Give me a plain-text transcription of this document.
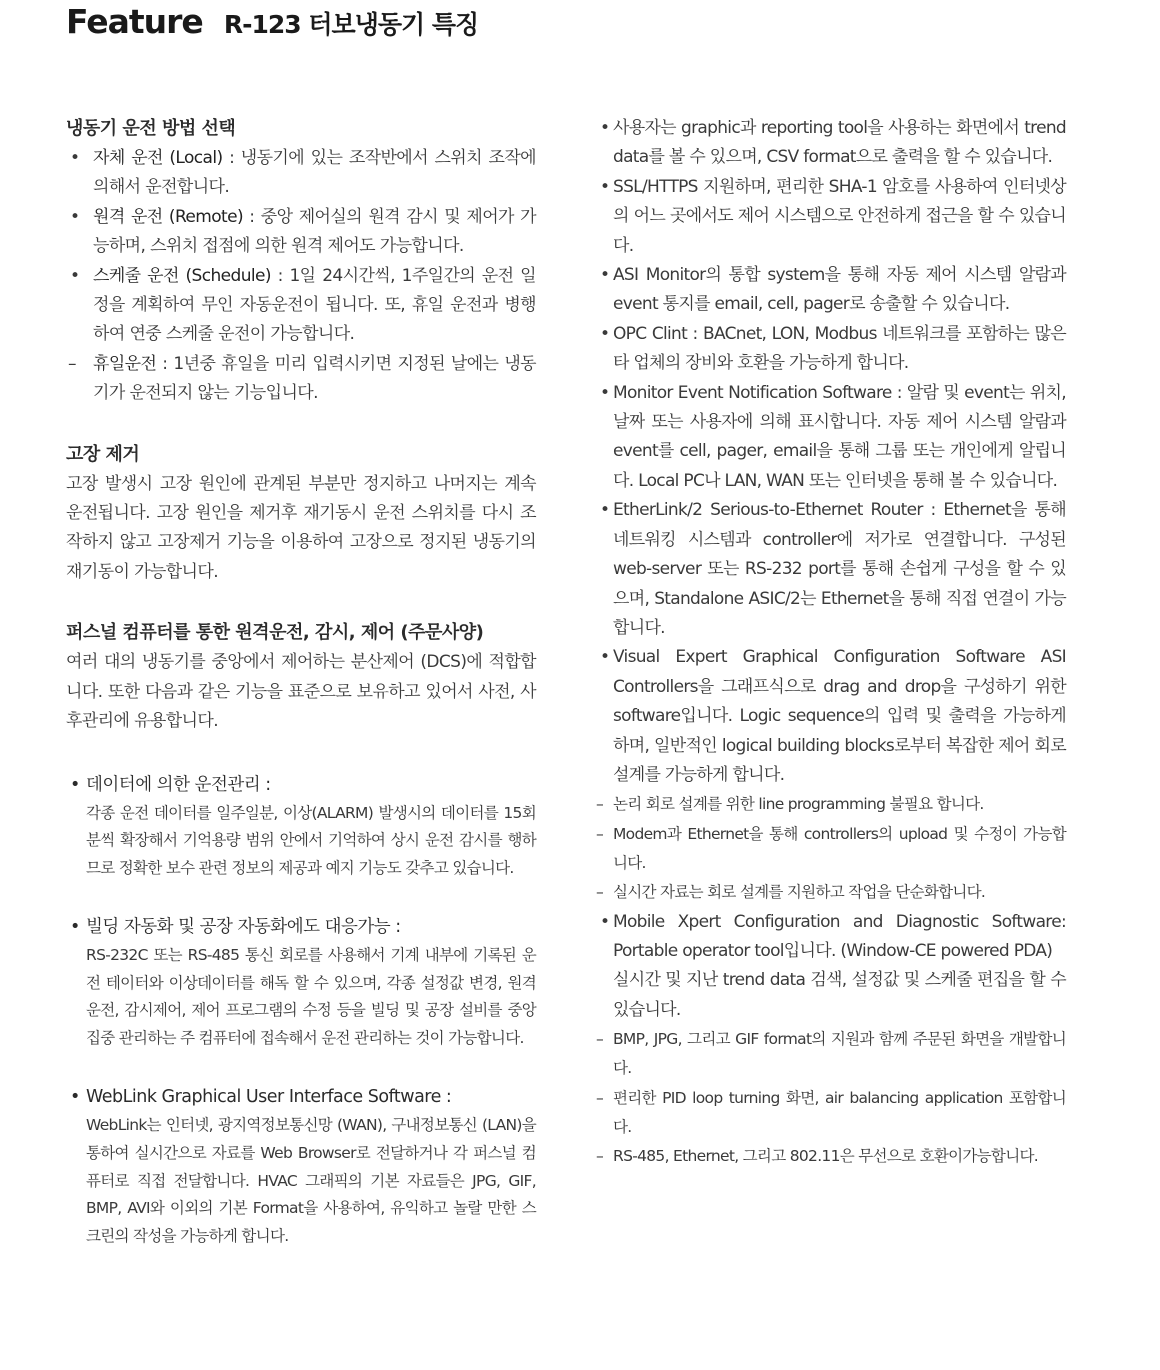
Feature R-123 터보냉동기 특징
냉동기 운전 방법 선택
• 자체 운전 (Local) : 냉동기에 있는 조작반에서 스위치 조작에 의해서 운전합니다.
• 원격 운전 (Remote) : 중앙 제어실의 원격 감시 및 제어가 가능하며, 스위치 접점에 의한 원격 제어도 가능합니다.
• 스케줄 운전 (Schedule) : 1일 24시간씩, 1주일간의 운전 일정을 계획하여 무인 자동운전이 됩니다. 또, 휴일 운전과 병행하여 연중 스케줄 운전이 가능합니다.
– 휴일운전 : 1년중 휴일을 미리 입력시키면 지정된 날에는 냉동기가 운전되지 않는 기능입니다.
고장 제거
고장 발생시 고장 원인에 관계된 부분만 정지하고 나머지는 계속 운전됩니다. 고장 원인을 제거후 재기동시 운전 스위치를 다시 조작하지 않고 고장제거 기능을 이용하여 고장으로 정지된 냉동기의 재기동이 가능합니다.
퍼스널 컴퓨터를 통한 원격운전, 감시, 제어 (주문사양)
여러 대의 냉동기를 중앙에서 제어하는 분산제어 (DCS)에 적합합니다. 또한 다음과 같은 기능을 표준으로 보유하고 있어서 사전, 사후관리에 유용합니다.
• 데이터에 의한 운전관리 :
각종 운전 데이터를 일주일분, 이상(ALARM) 발생시의 데이터를 15회분씩 확장해서 기억용량 범위 안에서 기억하여 상시 운전 감시를 행하므로 정확한 보수 관련 정보의 제공과 예지 기능도 갖추고 있습니다.
• 빌딩 자동화 및 공장 자동화에도 대응가능 :
RS-232C 또는 RS-485 통신 회로를 사용해서 기계 내부에 기록된 운전 테이터와 이상데이터를 해독 할 수 있으며, 각종 설정값 변경, 원격 운전, 감시제어, 제어 프로그램의 수정 등을 빌딩 및 공장 설비를 중앙 집중 관리하는 주 컴퓨터에 접속해서 운전 관리하는 것이 가능합니다.
• WebLink Graphical User Interface Software :
WebLink는 인터넷, 광지역정보통신망 (WAN), 구내정보통신 (LAN)을 통하여 실시간으로 자료를 Web Browser로 전달하거나 각 퍼스널 컴퓨터로 직접 전달합니다. HVAC 그래픽의 기본 자료들은 JPG, GIF, BMP, AVI와 이외의 기본 Format을 사용하여, 유익하고 놀랄 만한 스크린의 작성을 가능하게 합니다.
• 사용자는 graphic과 reporting tool을 사용하는 화면에서 trend data를 볼 수 있으며, CSV format으로 출력을 할 수 있습니다.
• SSL/HTTPS 지원하며, 편리한 SHA-1 암호를 사용하여 인터넷상의 어느 곳에서도 제어 시스템으로 안전하게 접근을 할 수 있습니다.
• ASI Monitor의 통합 system을 통해 자동 제어 시스템 알람과 event 통지를 email, cell, pager로 송출할 수 있습니다.
• OPC Clint : BACnet, LON, Modbus 네트워크를 포함하는 많은 타 업체의 장비와 호환을 가능하게 합니다.
• Monitor Event Notification Software : 알람 및 event는 위치, 날짜 또는 사용자에 의해 표시합니다. 자동 제어 시스템 알람과 event를 cell, pager, email을 통해 그룹 또는 개인에게 알립니다. Local PC나 LAN, WAN 또는 인터넷을 통해 볼 수 있습니다.
• EtherLink/2 Serious-to-Ethernet Router : Ethernet을 통해 네트워킹 시스템과 controller에 저가로 연결합니다. 구성된 web-server 또는 RS-232 port를 통해 손쉽게 구성을 할 수 있으며, Standalone ASIC/2는 Ethernet을 통해 직접 연결이 가능합니다.
• Visual Expert Graphical Configuration Software ASI Controllers을 그래프식으로 drag and drop을 구성하기 위한 software입니다. Logic sequence의 입력 및 출력을 가능하게 하며, 일반적인 logical building blocks로부터 복잡한 제어 회로 설계를 가능하게 합니다.
– 논리 회로 설계를 위한 line programming 불필요 합니다.
– Modem과 Ethernet을 통해 controllers의 upload 및 수정이 가능합니다.
– 실시간 자료는 회로 설계를 지원하고 작업을 단순화합니다.
• Mobile Xpert Configuration and Diagnostic Software: Portable operator tool입니다. (Window-CE powered PDA)
실시간 및 지난 trend data 검색, 설정값 및 스케줄 편집을 할 수 있습니다.
– BMP, JPG, 그리고 GIF format의 지원과 함께 주문된 화면을 개발합니다.
– 편리한 PID loop turning 화면, air balancing application 포함합니다.
– RS-485, Ethernet, 그리고 802.11은 무선으로 호환이가능합니다.
